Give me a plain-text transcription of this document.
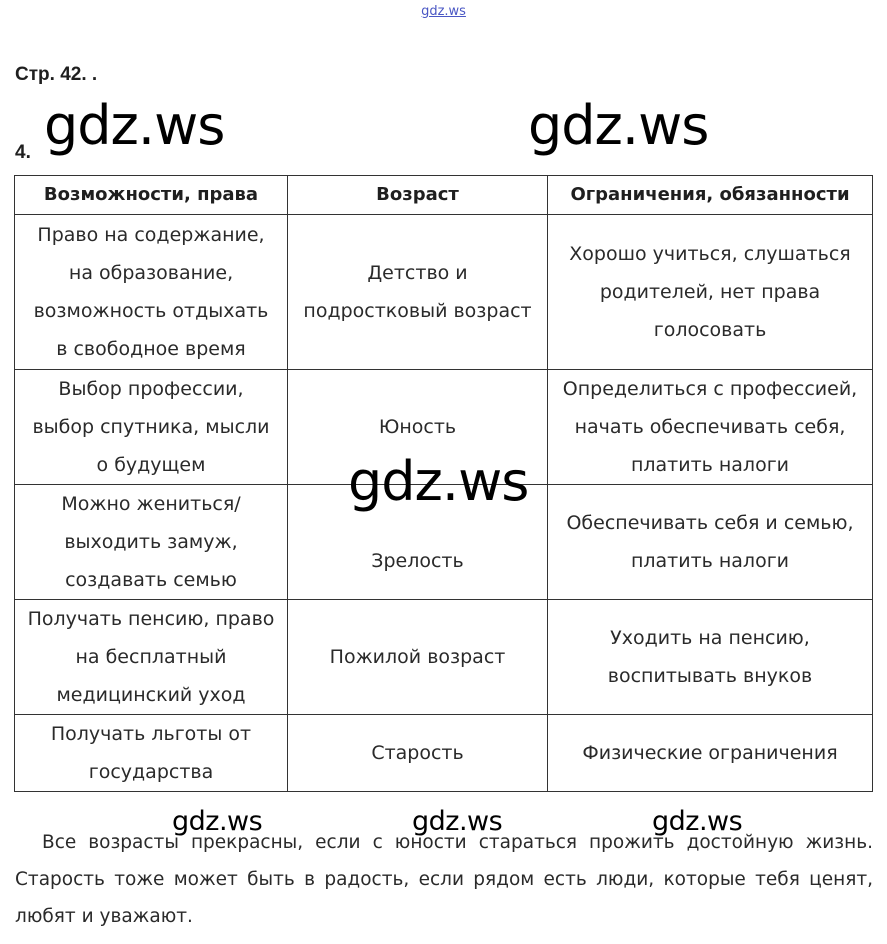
gdz.ws
Стр. 42. .
4. gdz.ws	gdz.ws
Возможности, права	Возраст	Ограничения, обязанности

Право на содержание, на образование, возможность отдыхать в свободное время	Детство и подростковый возраст	Хорошо учиться, слушаться родителей, нет права голосовать

Выбор профессии, выбор спутника, мысли о будущем	Юность	Определиться с профессией, начать обеспечивать себя, платить налоги

Можно жениться/выходить замуж, создавать семью	Зрелость	Обеспечивать себя и семью, платить налоги

Получать пенсию, право на бесплатный медицинский уход	Пожилой возраст	Уходить на пенсию, воспитывать внуков

Получать льготы от государства	Старость	Физические ограничения
gdz.ws

Все возрасты прекрасны, если с юности стараться прожить достойную жизнь. Старость тоже может быть в радость, если рядом есть люди, которые тебя ценят, любят и уважают.

gdz.ws	gdz.ws	gdz.ws
